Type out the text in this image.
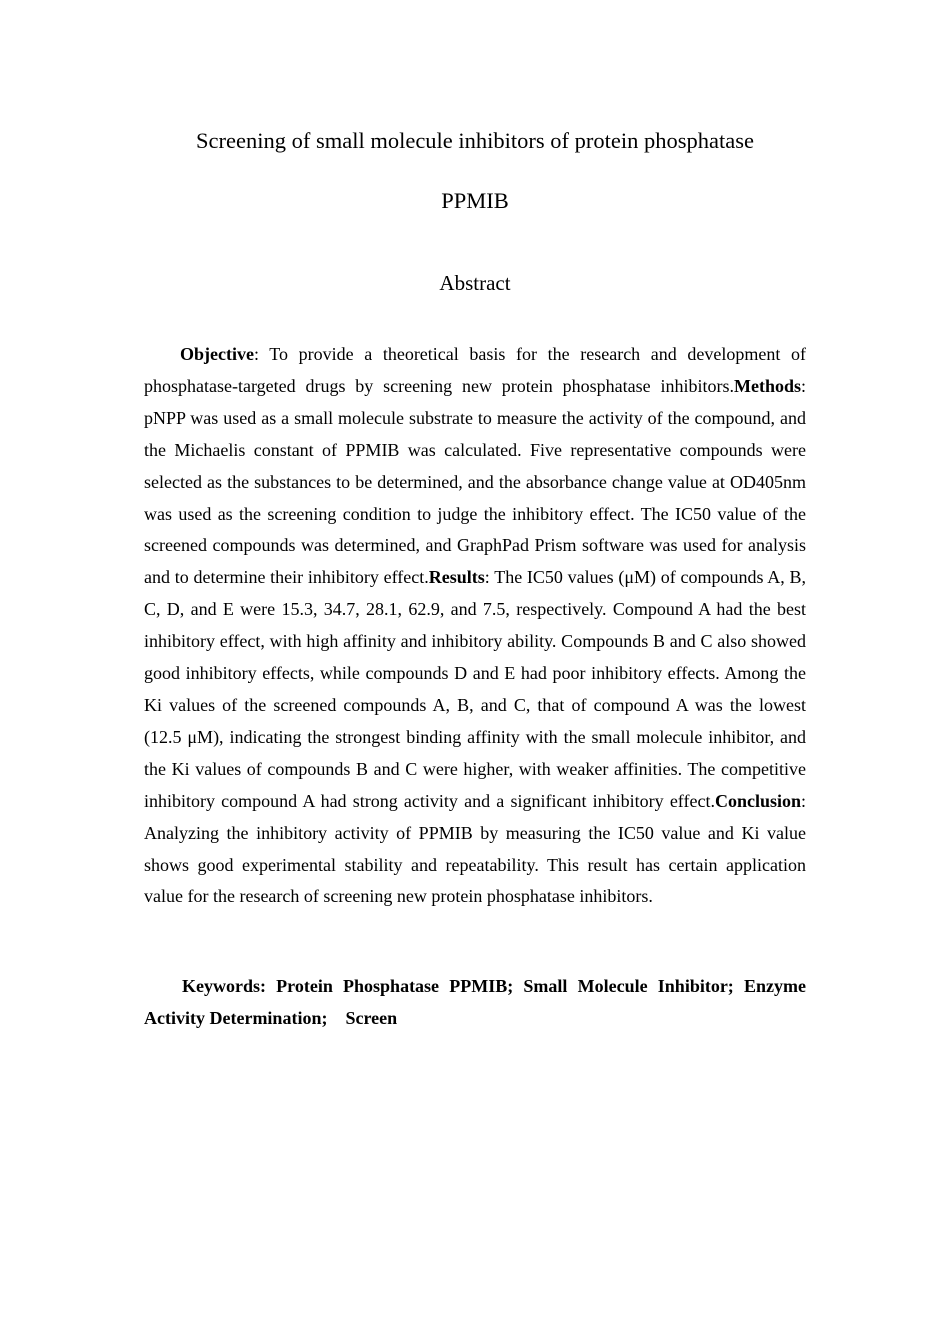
Screening of small molecule inhibitors of protein phosphatase
PPMIB
Abstract

Objective: To provide a theoretical basis for the research and development of phosphatase-targeted drugs by screening new protein phosphatase inhibitors.Methods: pNPP was used as a small molecule substrate to measure the activity of the compound, and the Michaelis constant of PPMIB was calculated. Five representative compounds were selected as the substances to be determined, and the absorbance change value at OD405nm was used as the screening condition to judge the inhibitory effect. The IC50 value of the screened compounds was determined, and GraphPad Prism software was used for analysis and to determine their inhibitory effect.Results: The IC50 values (μM) of compounds A, B, C, D, and E were 15.3, 34.7, 28.1, 62.9, and 7.5, respectively. Compound A had the best inhibitory effect, with high affinity and inhibitory ability. Compounds B and C also showed good inhibitory effects, while compounds D and E had poor inhibitory effects. Among the Ki values of the screened compounds A, B, and C, that of compound A was the lowest (12.5 μM), indicating the strongest binding affinity with the small molecule inhibitor, and the Ki values of compounds B and C were higher, with weaker affinities. The competitive inhibitory compound A had strong activity and a significant inhibitory effect.Conclusion: Analyzing the inhibitory activity of PPMIB by measuring the IC50 value and Ki value shows good experimental stability and repeatability. This result has certain application value for the research of screening new protein phosphatase inhibitors.

Keywords: Protein Phosphatase PPMIB; Small Molecule Inhibitor; Enzyme Activity Determination; Screen
